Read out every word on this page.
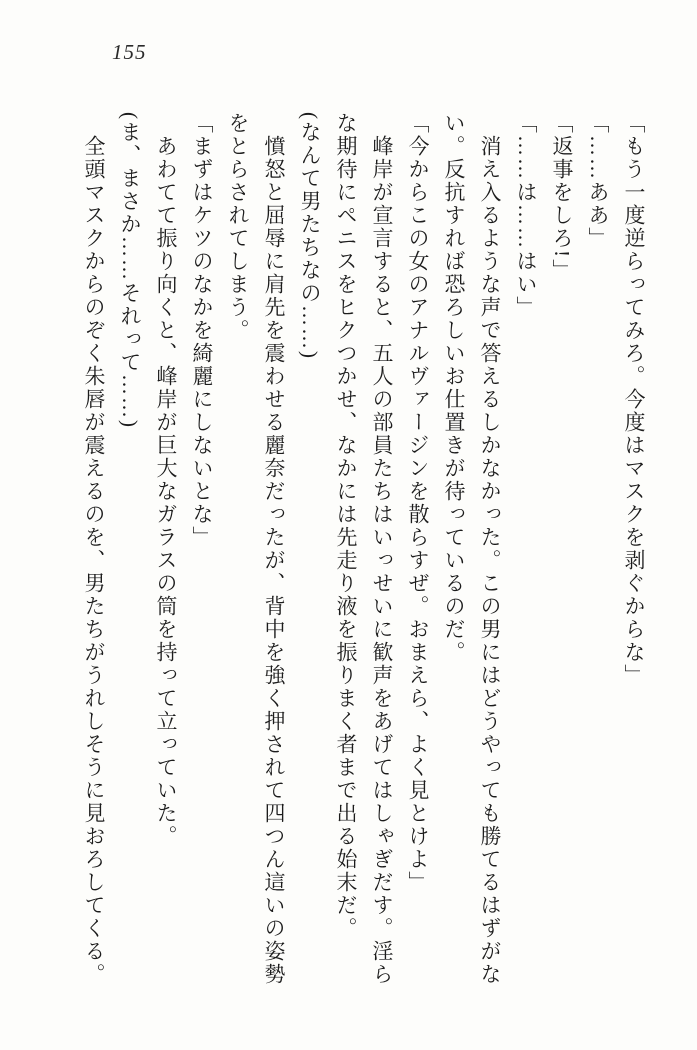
155
「もう一度逆らってみろ。今度はマスクを剥ぐからな」
「……ああ」
「返事をしろ!」
「……は……はい」
　消え入るような声で答えるしかなかった。この男にはどうやっても勝てるはずがな
い。反抗すれば恐ろしいお仕置きが待っているのだ。
「今からこの女のアナルヴァージンを散らすぜ。おまえら、よく見とけよ」
　峰岸が宣言すると、五人の部員たちはいっせいに歓声をあげてはしゃぎだす。淫ら
な期待にペニスをヒクつかせ、なかには先走り液を振りまく者まで出る始末だ。
(なんて男たちなの……)
　憤怒と屈辱に肩先を震わせる麗奈だったが、背中を強く押されて四つん這いの姿勢
をとらされてしまう。
「まずはケツのなかを綺麗にしないとな」
　あわてて振り向くと、峰岸が巨大なガラスの筒を持って立っていた。
(ま、まさか……それって……)
　全頭マスクからのぞく朱唇が震えるのを、男たちがうれしそうに見おろしてくる。
